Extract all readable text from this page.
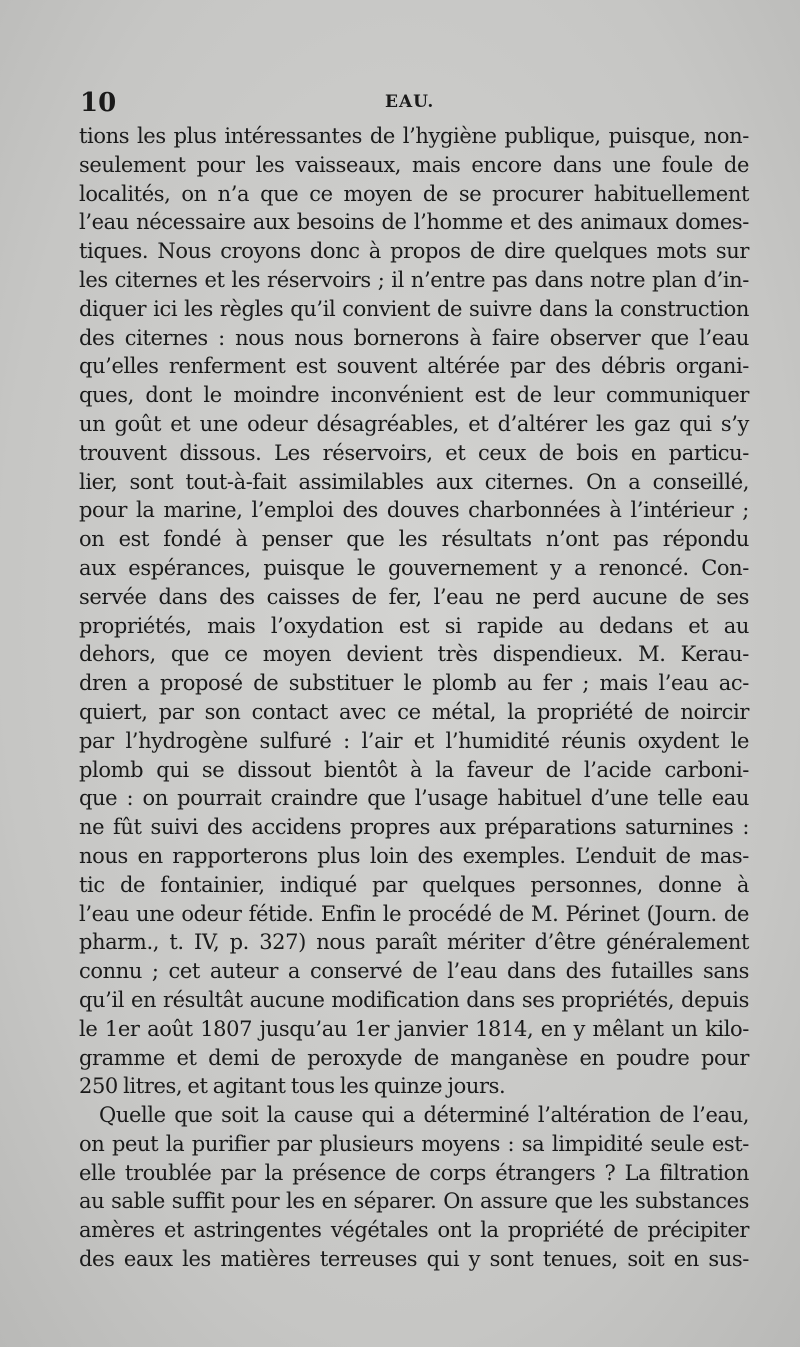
10	EAU.
tions les plus intéressantes de l’hygiène publique, puisque, non-
seulement pour les vaisseaux, mais encore dans une foule de
localités, on n’a que ce moyen de se procurer habituellement
l’eau nécessaire aux besoins de l’homme et des animaux domes-
tiques. Nous croyons donc à propos de dire quelques mots sur
les citernes et les réservoirs ; il n’entre pas dans notre plan d’in-
diquer ici les règles qu’il convient de suivre dans la construction
des citernes : nous nous bornerons à faire observer que l’eau
qu’elles renferment est souvent altérée par des débris organi-
ques, dont le moindre inconvénient est de leur communiquer
un goût et une odeur désagréables, et d’altérer les gaz qui s’y
trouvent dissous. Les réservoirs, et ceux de bois en particu-
lier, sont tout-à-fait assimilables aux citernes. On a conseillé,
pour la marine, l’emploi des douves charbonnées à l’intérieur ;
on est fondé à penser que les résultats n’ont pas répondu
aux espérances, puisque le gouvernement y a renoncé. Con-
servée dans des caisses de fer, l’eau ne perd aucune de ses
propriétés, mais l’oxydation est si rapide au dedans et au
dehors, que ce moyen devient très dispendieux. M. Kerau-
dren a proposé de substituer le plomb au fer ; mais l’eau ac-
quiert, par son contact avec ce métal, la propriété de noircir
par l’hydrogène sulfuré : l’air et l’humidité réunis oxydent le
plomb qui se dissout bientôt à la faveur de l’acide carboni-
que : on pourrait craindre que l’usage habituel d’une telle eau
ne fût suivi des accidens propres aux préparations saturnines :
nous en rapporterons plus loin des exemples. L’enduit de mas-
tic de fontainier, indiqué par quelques personnes, donne à
l’eau une odeur fétide. Enfin le procédé de M. Périnet (Journ. de
pharm., t. IV, p. 327) nous paraît mériter d’être généralement
connu ; cet auteur a conservé de l’eau dans des futailles sans
qu’il en résultât aucune modification dans ses propriétés, depuis
le 1er août 1807 jusqu’au 1er janvier 1814, en y mêlant un kilo-
gramme et demi de peroxyde de manganèse en poudre pour
250 litres, et agitant tous les quinze jours.
Quelle que soit la cause qui a déterminé l’altération de l’eau,
on peut la purifier par plusieurs moyens : sa limpidité seule est-
elle troublée par la présence de corps étrangers ? La filtration
au sable suffit pour les en séparer. On assure que les substances
amères et astringentes végétales ont la propriété de précipiter
des eaux les matières terreuses qui y sont tenues, soit en sus-
